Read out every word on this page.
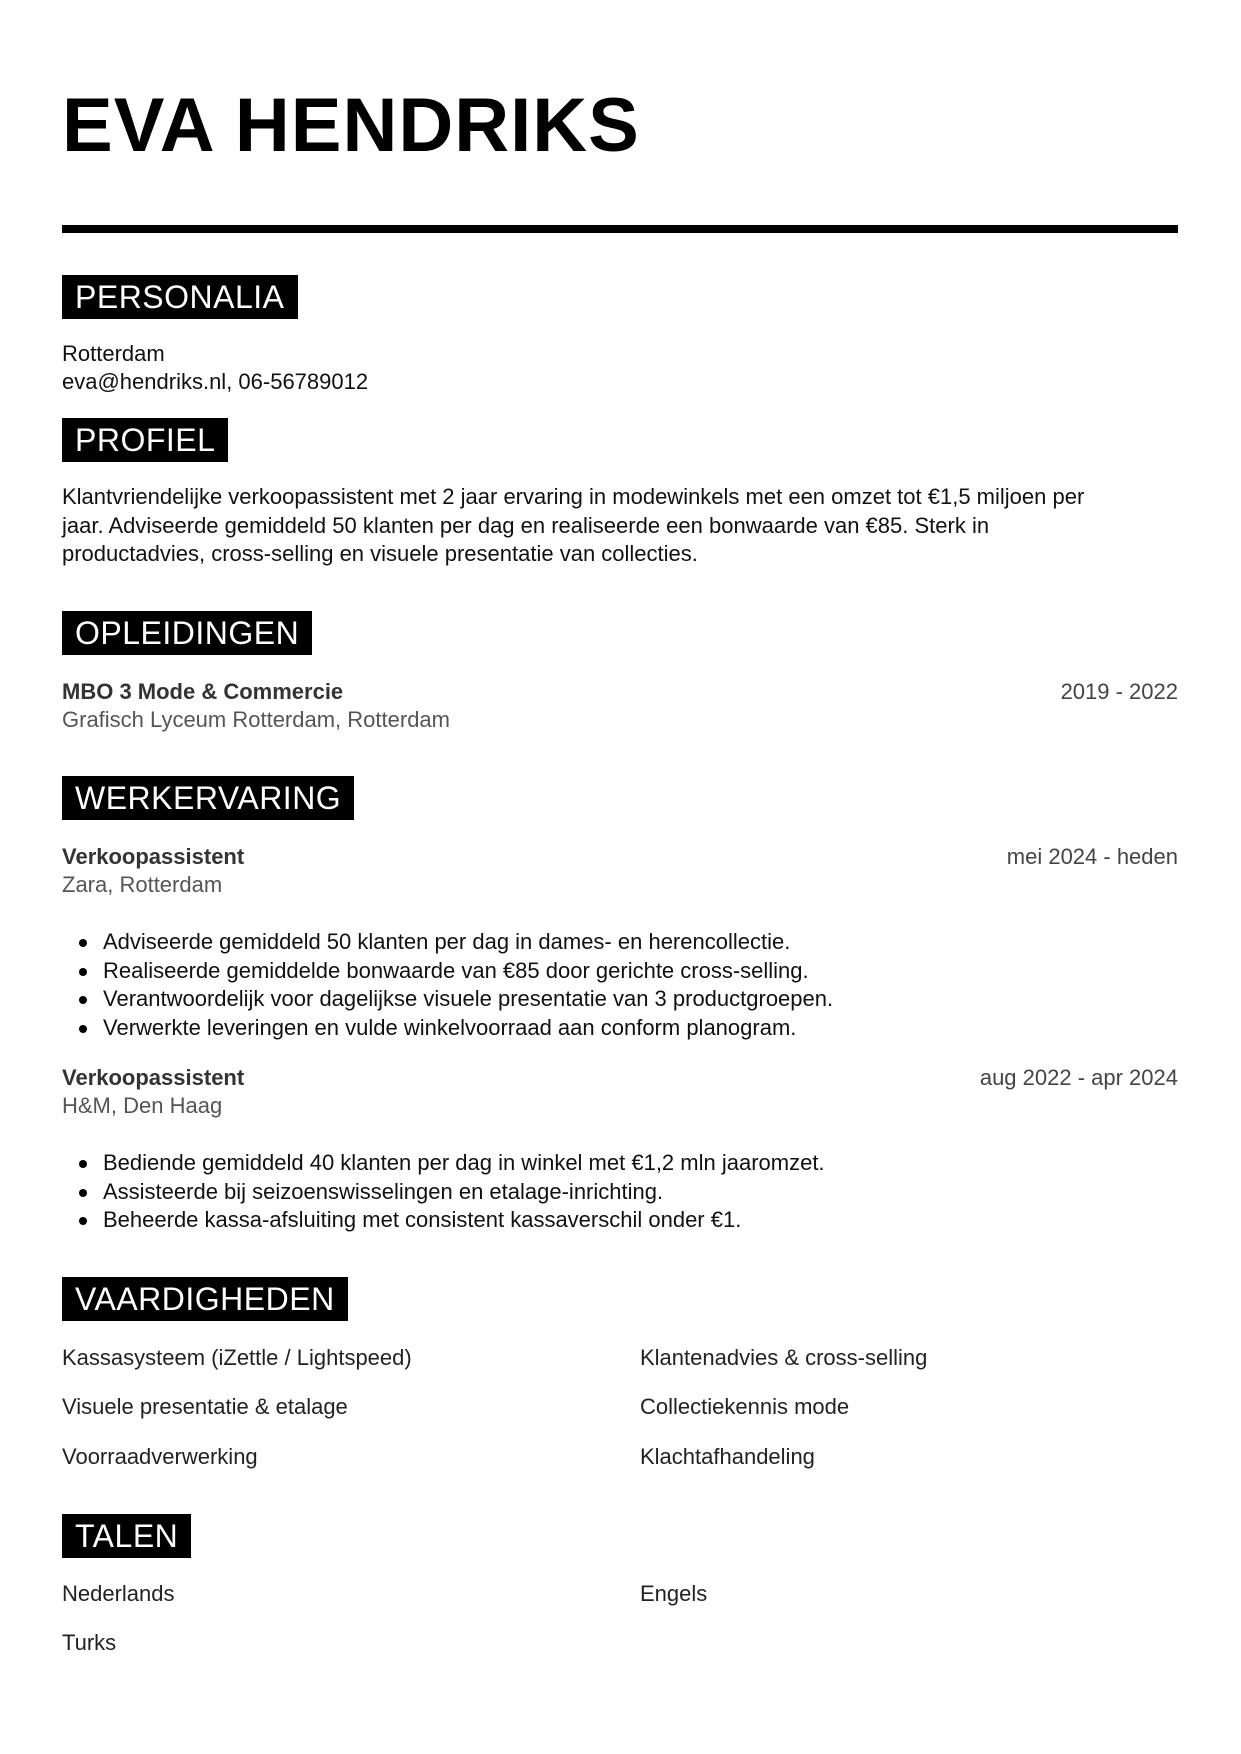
EVA HENDRIKS
PERSONALIA
Rotterdam
eva@hendriks.nl, 06-56789012
PROFIEL
Klantvriendelijke verkoopassistent met 2 jaar ervaring in modewinkels met een omzet tot €1,5 miljoen per
jaar. Adviseerde gemiddeld 50 klanten per dag en realiseerde een bonwaarde van €85. Sterk in
productadvies, cross-selling en visuele presentatie van collecties.
OPLEIDINGEN
MBO 3 Mode & Commercie	2019 - 2022
Grafisch Lyceum Rotterdam, Rotterdam
WERKERVARING
Verkoopassistent	mei 2024 - heden
Zara, Rotterdam
Adviseerde gemiddeld 50 klanten per dag in dames- en herencollectie.
Realiseerde gemiddelde bonwaarde van €85 door gerichte cross-selling.
Verantwoordelijk voor dagelijkse visuele presentatie van 3 productgroepen.
Verwerkte leveringen en vulde winkelvoorraad aan conform planogram.
Verkoopassistent	aug 2022 - apr 2024
H&M, Den Haag
Bediende gemiddeld 40 klanten per dag in winkel met €1,2 mln jaaromzet.
Assisteerde bij seizoenswisselingen en etalage-inrichting.
Beheerde kassa-afsluiting met consistent kassaverschil onder €1.
VAARDIGHEDEN
Kassasysteem (iZettle / Lightspeed)	Klantenadvies & cross-selling
Visuele presentatie & etalage	Collectiekennis mode
Voorraadverwerking	Klachtafhandeling
TALEN
Nederlands	Engels
Turks
